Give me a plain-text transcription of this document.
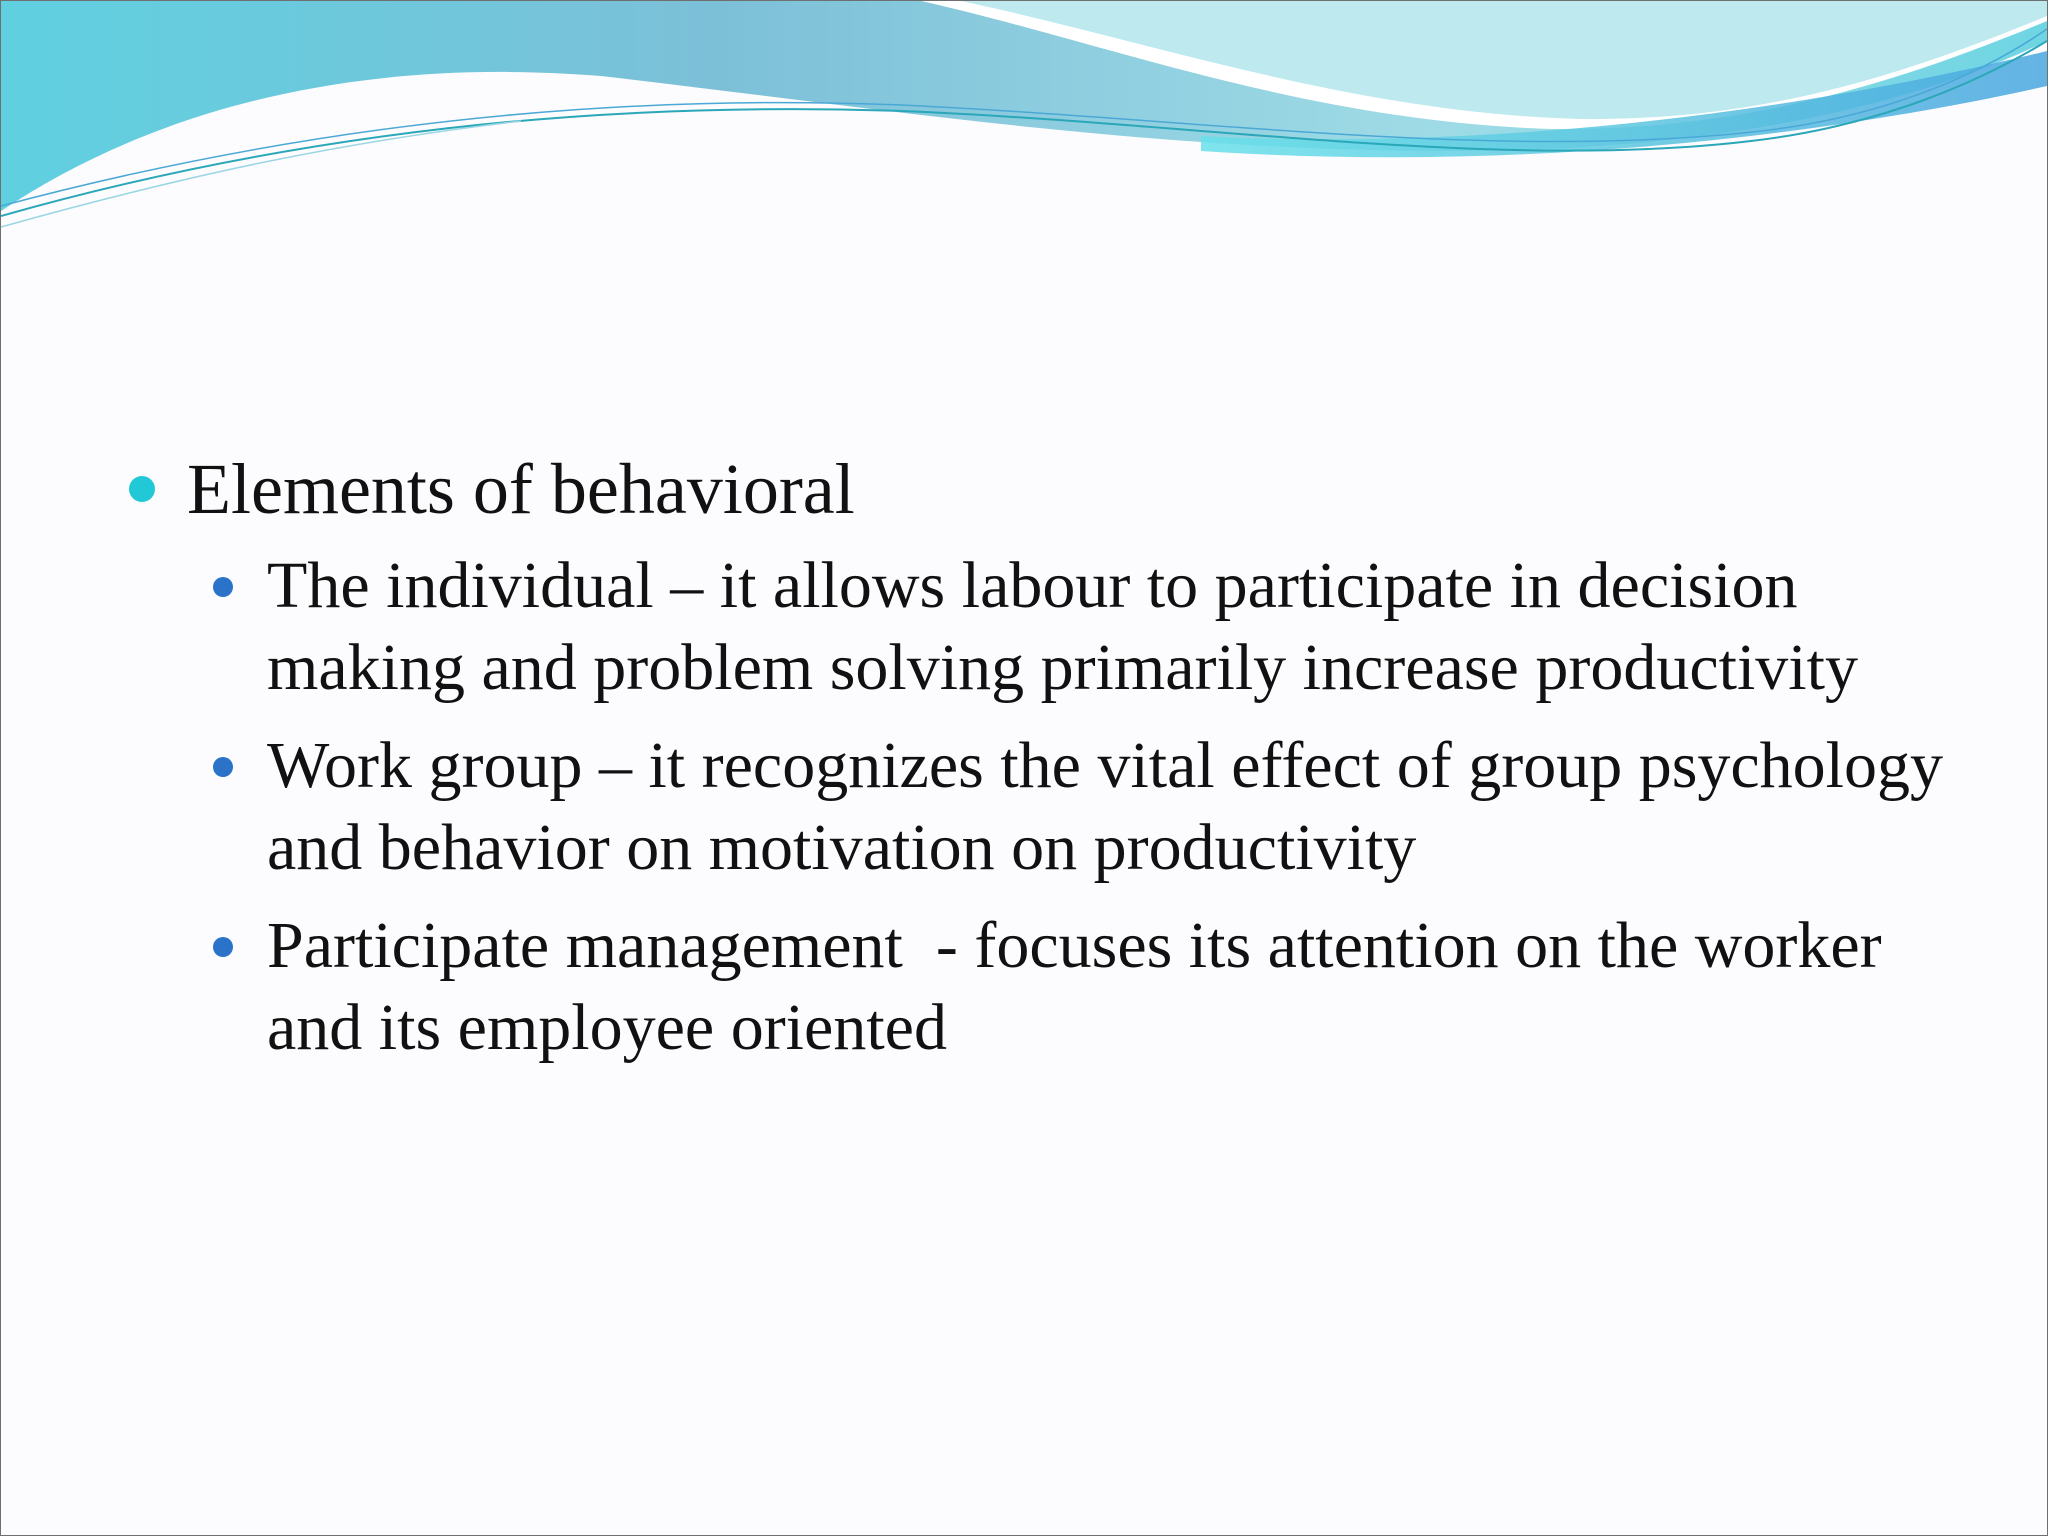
Elements of behavioral
The individual – it allows labour to participate in decision making and problem solving primarily increase productivity
Work group – it recognizes the vital effect of group psychology and behavior on motivation on productivity
Participate management  - focuses its attention on the worker and its employee oriented
